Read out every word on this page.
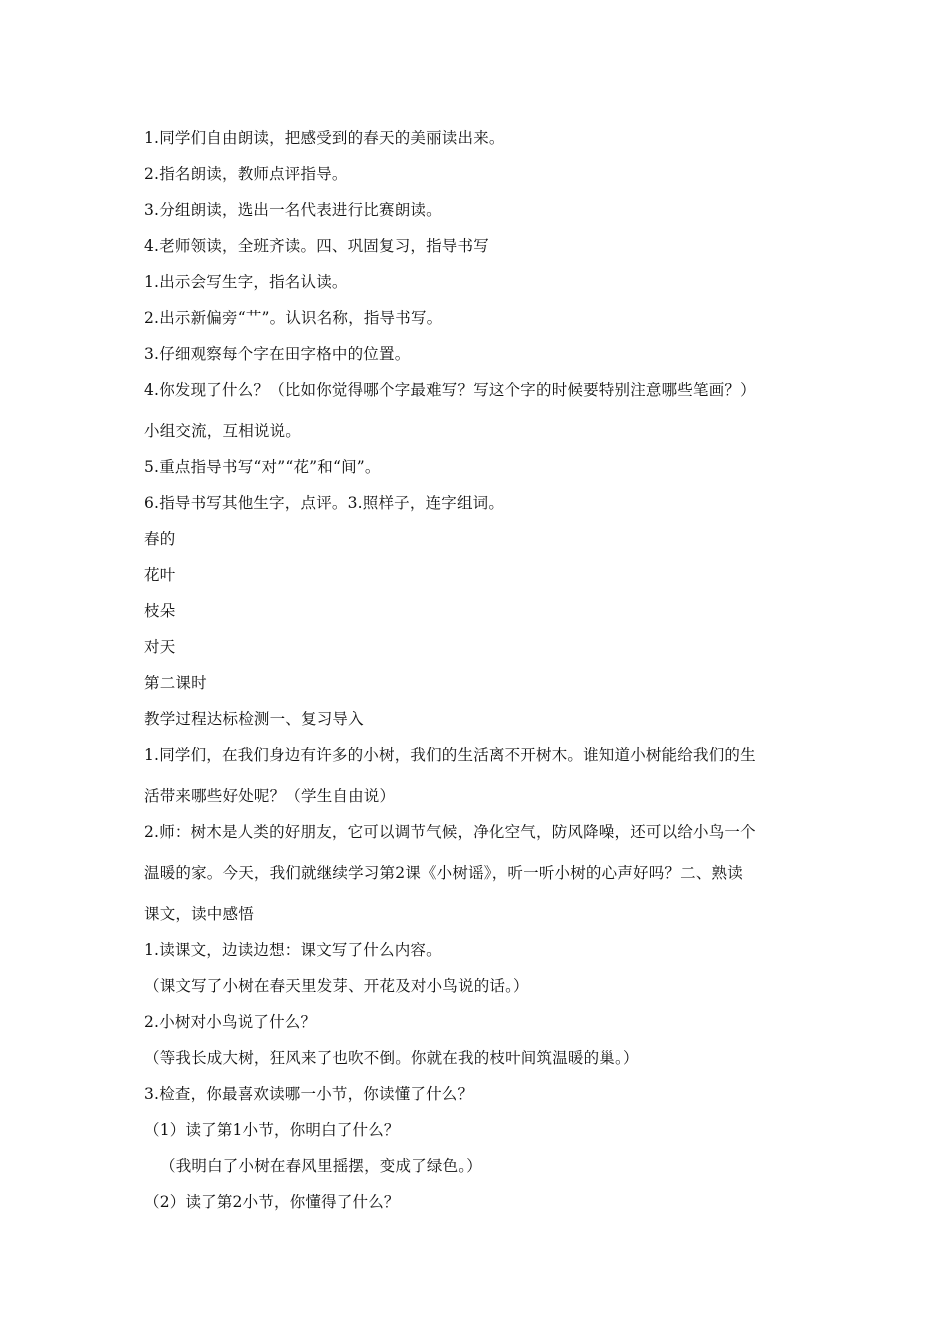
1.同学们自由朗读，把感受到的春天的美丽读出来。
2.指名朗读，教师点评指导。
3.分组朗读，选出一名代表进行比赛朗读。
4.老师领读，全班齐读。四、巩固复习，指导书写
1.出示会写生字，指名认读。
2.出示新偏旁“艹”。认识名称，指导书写。
3.仔细观察每个字在田字格中的位置。
4.你发现了什么？（比如你觉得哪个字最难写？写这个字的时候要特别注意哪些笔画？）
小组交流，互相说说。
5.重点指导书写“对”“花”和“间”。
6.指导书写其他生字，点评。3.照样子，连字组词。
春的
花叶
枝朵
对天
第二课时
教学过程达标检测一、复习导入
1.同学们，在我们身边有许多的小树，我们的生活离不开树木。谁知道小树能给我们的生
活带来哪些好处呢？（学生自由说）
2.师：树木是人类的好朋友，它可以调节气候，净化空气，防风降噪，还可以给小鸟一个
温暖的家。今天，我们就继续学习第2课《小树谣》，听一听小树的心声好吗？二、熟读
课文，读中感悟
1.读课文，边读边想：课文写了什么内容。
（课文写了小树在春天里发芽、开花及对小鸟说的话。）
2.小树对小鸟说了什么？
（等我长成大树，狂风来了也吹不倒。你就在我的枝叶间筑温暖的巢。）
3.检查，你最喜欢读哪一小节，你读懂了什么？
（1）读了第1小节，你明白了什么？
（我明白了小树在春风里摇摆，变成了绿色。）
（2）读了第2小节，你懂得了什么？
